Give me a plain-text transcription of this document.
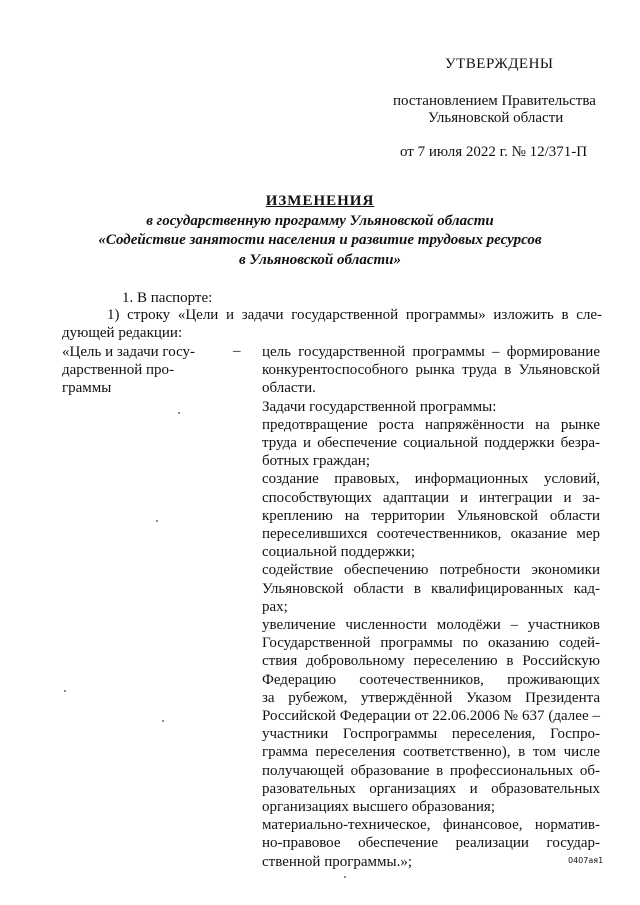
УТВЕРЖДЕНЫ
постановлением Правительства
Ульяновской области
от 7 июля 2022 г. № 12/371-П
ИЗМЕНЕНИЯ
в государственную программу Ульяновской области
«Содействие занятости населения и развитие трудовых ресурсов
в Ульяновской области»
1. В паспорте:
1) строку «Цели и задачи государственной программы» изложить в сле-
дующей редакции:
«Цель и задачи госу-
дарственной про-
граммы
– цель государственной программы – формирование
конкурентоспособного рынка труда в Ульяновской
области.

Задачи государственной программы:

предотвращение роста напряжённости на рынке
труда и обеспечение социальной поддержки безра-
ботных граждан;

создание правовых, информационных условий,
способствующих адаптации и интеграции и за-
креплению на территории Ульяновской области
переселившихся соотечественников, оказание мер
социальной поддержки;

содействие обеспечению потребности экономики
Ульяновской области в квалифицированных кад-
рах;

увеличение численности молодёжи – участников
Государственной программы по оказанию содей-
ствия добровольному переселению в Российскую
Федерацию соотечественников, проживающих
за рубежом, утверждённой Указом Президента
Российской Федерации от 22.06.2006 № 637 (далее –
участники Госпрограммы переселения, Госпро-
грамма переселения соответственно), в том числе
получающей образование в профессиональных об-
разовательных организациях и образовательных
организациях высшего образования;

материально-техническое, финансовое, норматив-
но-правовое обеспечение реализации государ-
ственной программы.»;	0407ая1
